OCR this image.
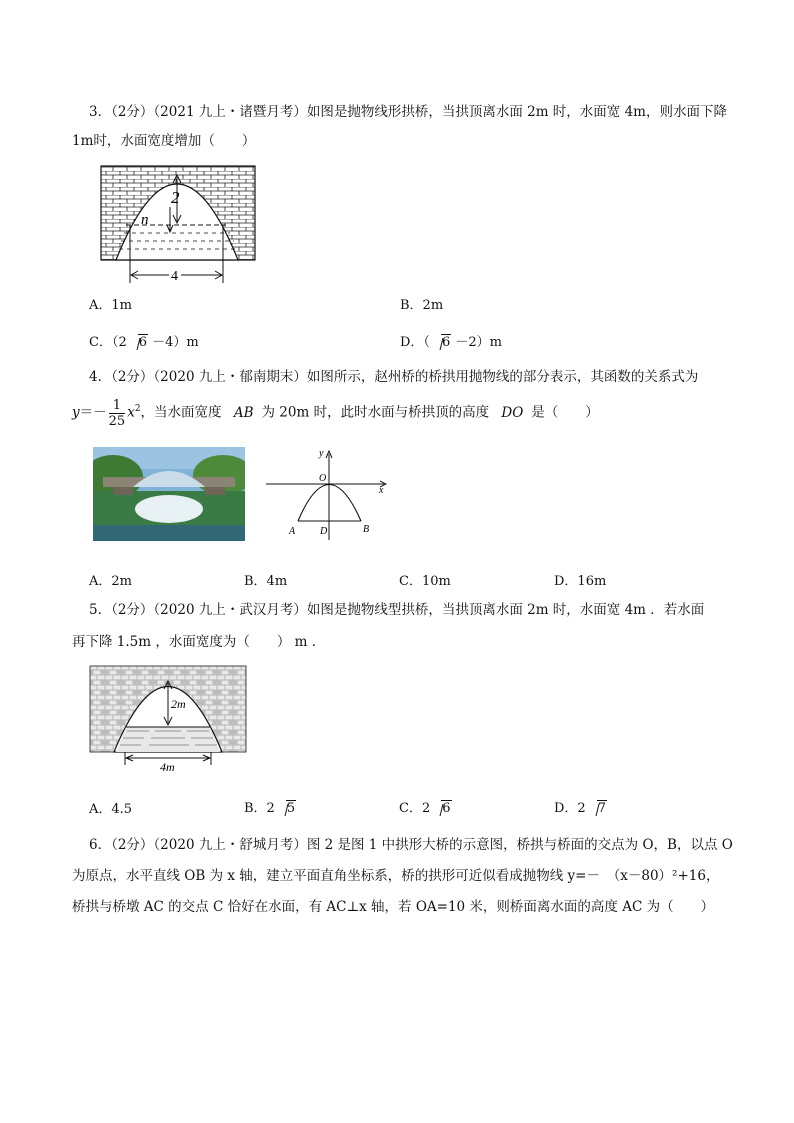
3．（2分）（2021 九上・诸暨月考）如图是抛物线形拱桥，当拱顶离水面 2m 时，水面宽 4m，则水面下降
1m时，水面宽度增加（　　）
2
n
4
A．1m	B．2m
C．（2 6 －4）m	D．（ 6 －2）m
4．（2分）（2020 九上・郁南期末）如图所示，赵州桥的桥拱用抛物线的部分表示，其函数的关系式为
$y=- \frac{1}{25} x^2$，当水面宽度 AB 为 20m 时，此时水面与桥拱顶的高度 DO 是（　　）
y
O
x
A D	B
A．2m	B．4m	C．10m	D．16m
5．（2分）（2020 九上・武汉月考）如图是抛物线型拱桥，当拱顶离水面 2m 时，水面宽 4m ．若水面
再下降 1.5m ，水面宽度为（　　） m ．
2m
4m
A．4.5	B．2 5	C．2 6	D．2 7
6．（2分）（2020 九上・舒城月考）图 2 是图 1 中拱形大桥的示意图，桥拱与桥面的交点为 O，B，以点 O
为原点，水平直线 OB 为 x 轴，建立平面直角坐标系，桥的拱形可近似看成抛物线 y=－　（x－80）²+16，
桥拱与桥墩 AC 的交点 C 恰好在水面，有 AC⊥x 轴，若 OA=10 米，则桥面离水面的高度 AC 为（　　）
